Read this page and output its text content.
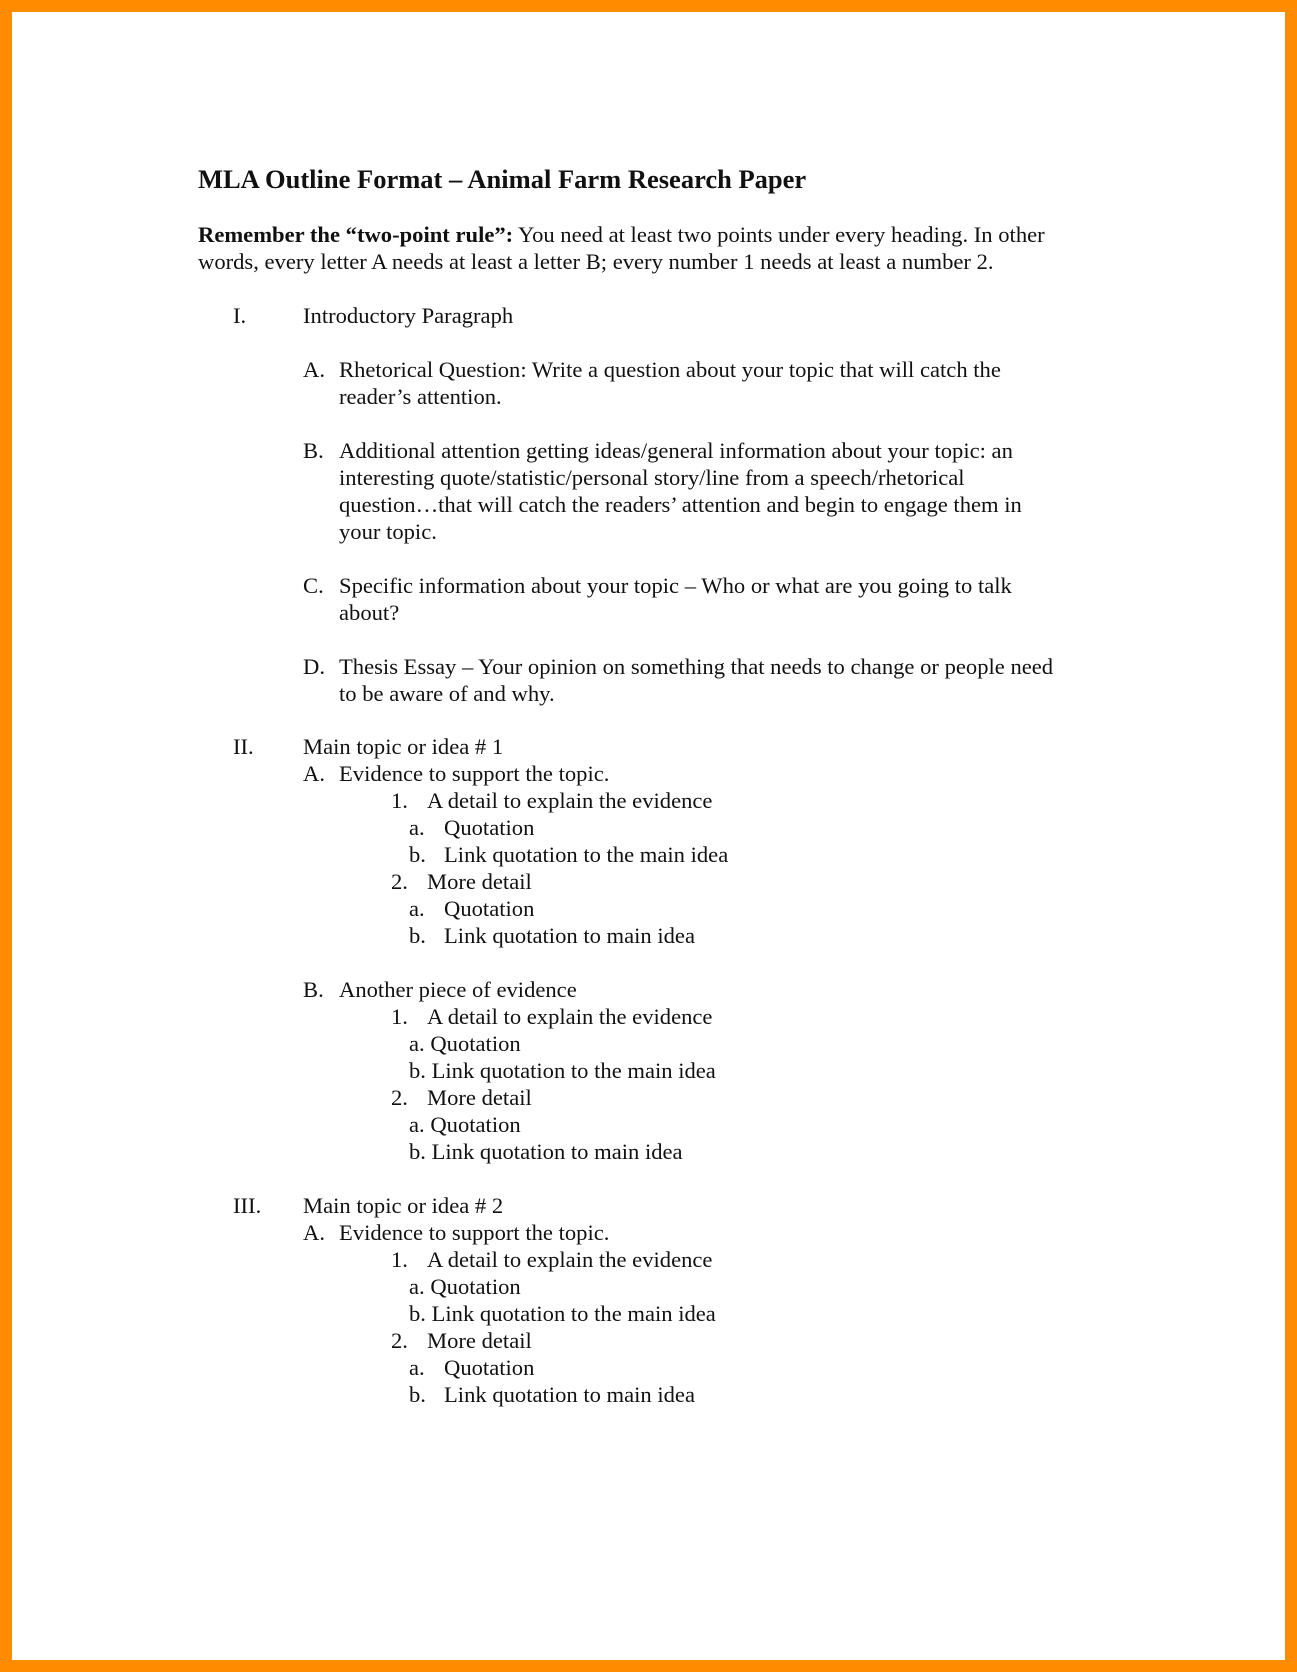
MLA Outline Format – Animal Farm Research Paper
Remember the “two-point rule”: You need at least two points under every heading. In other words, every letter A needs at least a letter B; every number 1 needs at least a number 2.
I.	Introductory Paragraph
A. Rhetorical Question: Write a question about your topic that will catch the reader’s attention.
B. Additional attention getting ideas/general information about your topic: an interesting quote/statistic/personal story/line from a speech/rhetorical question…that will catch the readers’ attention and begin to engage them in your topic.
C. Specific information about your topic – Who or what are you going to talk about?
D. Thesis Essay – Your opinion on something that needs to change or people need to be aware of and why.
II. Main topic or idea # 1
A. Evidence to support the topic.
1. A detail to explain the evidence
a. Quotation
b. Link quotation to the main idea
2. More detail
a. Quotation
b. Link quotation to main idea
B. Another piece of evidence
1. A detail to explain the evidence
a. Quotation
b. Link quotation to the main idea
2. More detail
a. Quotation
b. Link quotation to main idea
III. Main topic or idea # 2
A. Evidence to support the topic.
1. A detail to explain the evidence
a. Quotation
b. Link quotation to the main idea
2. More detail
a. Quotation
b. Link quotation to main idea
